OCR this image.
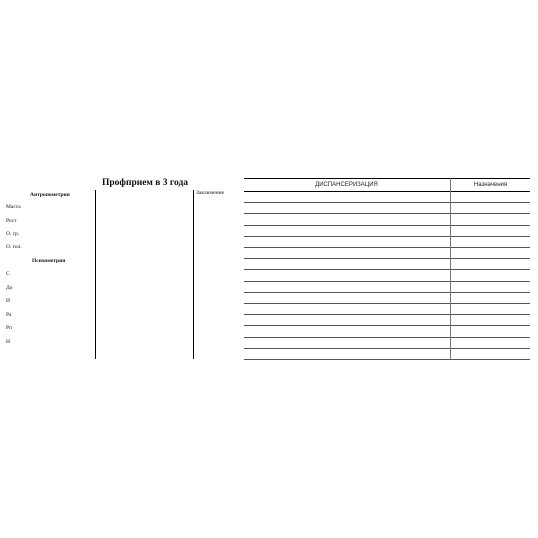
Профприем в 3 года
Антропометрия
Масса
Рост
О. гр.
О. гол.
Психометрия
С
До
И
Ра
Рп
Н
Заключение
ДИСПАНСЕРИЗАЦИЯ	Назначения
